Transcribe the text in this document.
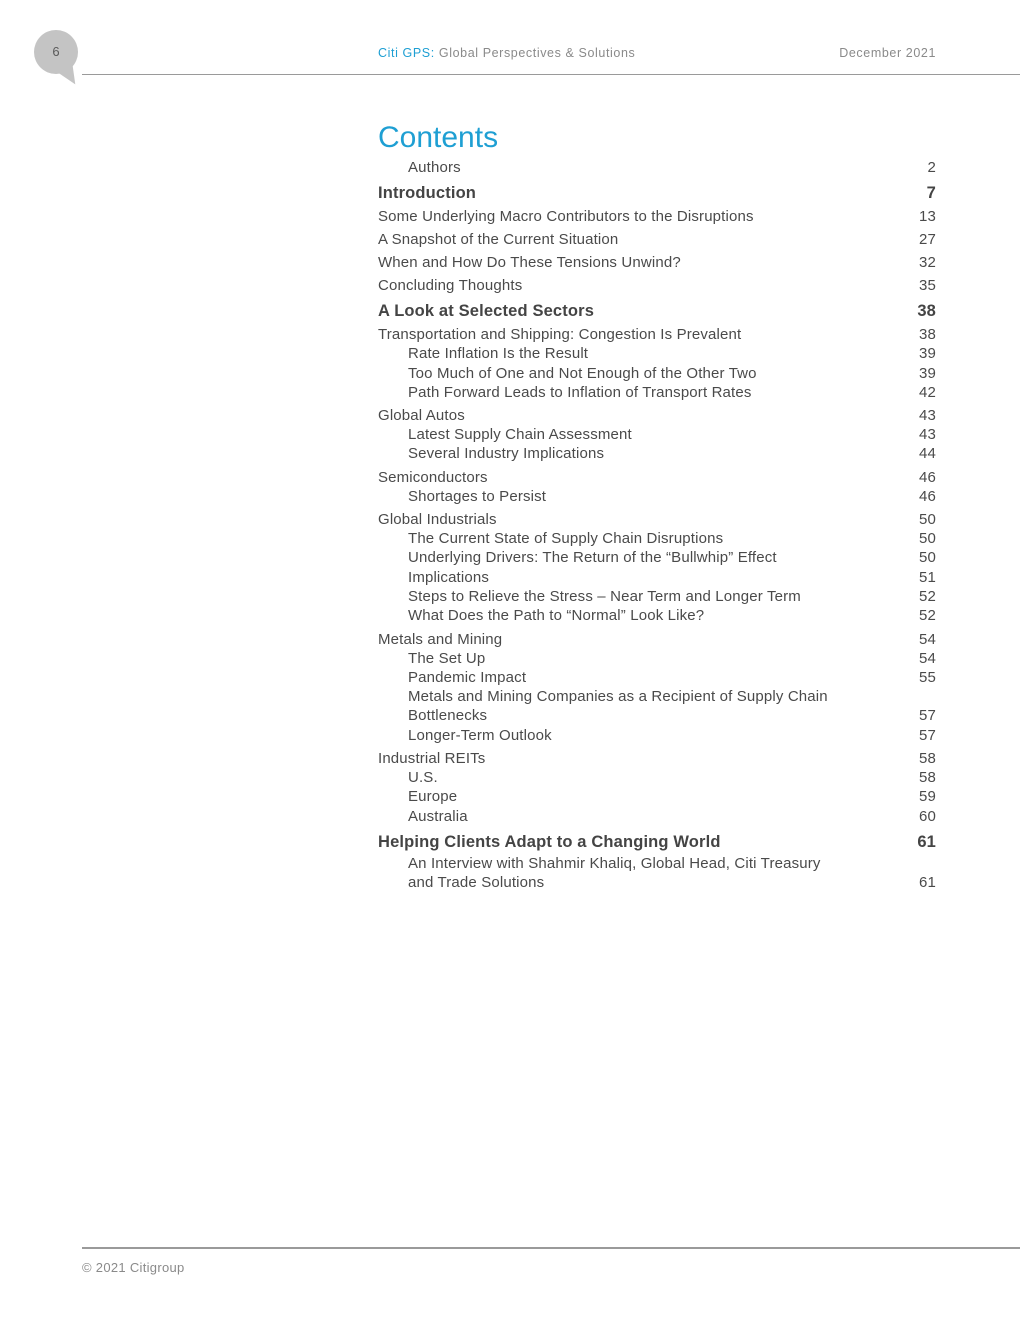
6	Citi GPS: Global Perspectives & Solutions	December 2021
Contents
Authors	2
Introduction	7
Some Underlying Macro Contributors to the Disruptions	13
A Snapshot of the Current Situation	27
When and How Do These Tensions Unwind?	32
Concluding Thoughts	35
A Look at Selected Sectors	38
Transportation and Shipping: Congestion Is Prevalent	38
Rate Inflation Is the Result	39
Too Much of One and Not Enough of the Other Two	39
Path Forward Leads to Inflation of Transport Rates	42
Global Autos	43
Latest Supply Chain Assessment	43
Several Industry Implications	44
Semiconductors	46
Shortages to Persist	46
Global Industrials	50
The Current State of Supply Chain Disruptions	50
Underlying Drivers: The Return of the “Bullwhip” Effect	50
Implications	51
Steps to Relieve the Stress – Near Term and Longer Term	52
What Does the Path to “Normal” Look Like?	52
Metals and Mining	54
The Set Up	54
Pandemic Impact	55
Metals and Mining Companies as a Recipient of Supply Chain
Bottlenecks	57
Longer-Term Outlook	57
Industrial REITs	58
U.S.	58
Europe	59
Australia	60
Helping Clients Adapt to a Changing World	61
An Interview with Shahmir Khaliq, Global Head, Citi Treasury
and Trade Solutions	61
© 2021 Citigroup
